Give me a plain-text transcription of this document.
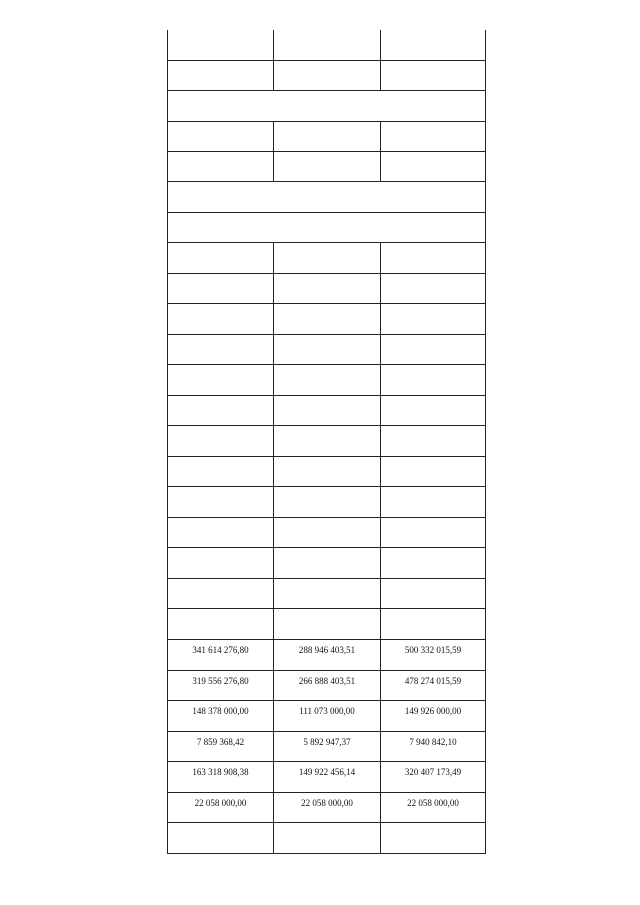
341 614 276,80	288 946 403,51	500 332 015,59
319 556 276,80	266 888 403,51	478 274 015,59
148 378 000,00	111 073 000,00	149 926 000,00
7 859 368,42	5 892 947,37	7 940 842,10
163 318 908,38	149 922 456,14	320 407 173,49
22 058 000,00	22 058 000,00	22 058 000,00
